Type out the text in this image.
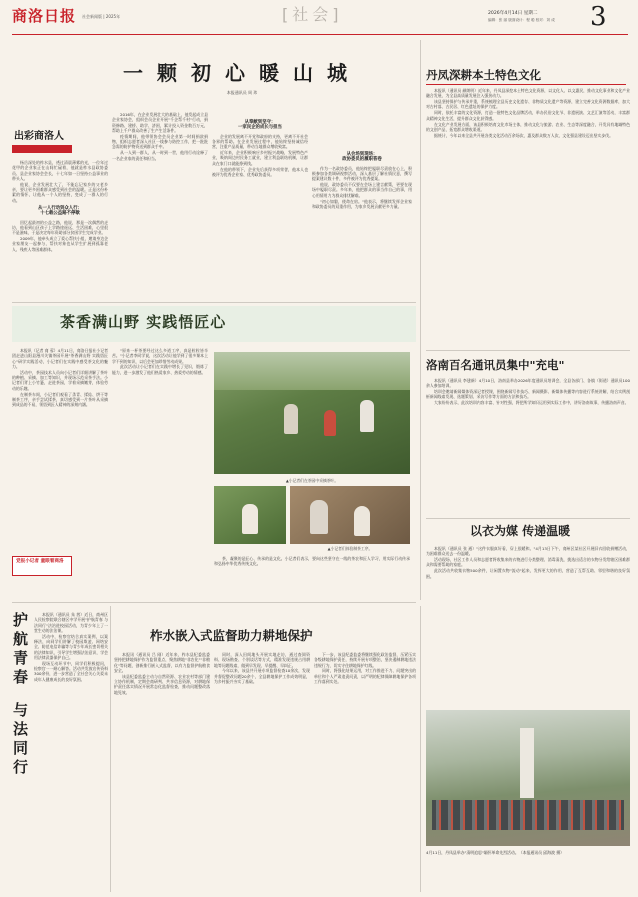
商洛日报 社会新闻版 | 2025年	[社会]	2026年4月14日 星期二
编辑：张 丽 版面设计：程 聪 校对：刘 成 3
一颗初心暖山城
本报通讯员 周 玮
出彩商洛人

杨岳深处的柞水县，透过清晨薄雾的光，一位年过花甲的企业家正在山间忙碌着，他就是柞水县政协委员、县企业家协会会长，十七年如一日坚持公益事业的带头人。

他说，企业发展壮大了，不能忘记家乡的父老乡亲，要让更多困难群众感受到社会的温暖。正是这份朴素的情怀，让他从一个人的坚持，变成了一群人的行动。

从一人行动到众人行：
十七载公益路不停歇

回忆起最初的公益之路，他说，那是一次偶然的走访，他看到山区孩子上学路途遥远、生活困难，心里很不是滋味，于是决定每年资助部分贫困学生完成学业。

2009年，他牵头成立了爱心帮扶小组，邀请身边企业家朋友一起参与，帮扶对象也从学生扩展到孤寡老人、残疾人等困难群体。

2016年，在企业发展壮大的基础上，他发起成立县企业家协会，组织会员企业开展"千企帮千村"行动，捐资修路、建桥、助学、济困，累计投入资金数百万元，帮助上千户群众改善了生产生活条件。

疫情期间，他带领协会会员企业第一时间捐款捐物，组织志愿者深入社区一线参与防控工作，把一批批急需的防护物资送到群众手中。

从一人到一群人，从一时到一世，他用行动诠释了一名企业家的责任和担当。

从奉献到坚守：
一家民企的成长与担当

企业的发展离不开党和政府的支持，更离不开社会各界的帮助。在企业发展过程中，他始终坚持诚信经营，注重产品质量，带动当地群众增收致富。

近年来，企业积极响应乡村振兴战略，发展特色产业，吸纳周边村民务工就业，建立利益联结机制，让群众在家门口就能挣到钱。

在他的带领下，企业先后获得多项荣誉，他本人也被评为优秀企业家、优秀政协委员。

从会场到现场：
政协委员的履职答卷

作为一名政协委员，他始终把履职尽责放在心上，积极参加各类调研视察活动，深入基层了解社情民意，撰写提案建议数十件，多件被评为优秀提案。

他说，政协委员不仅要在会场上建言献策，更要在现场中履职尽责。多年来，他把群众的事当作自己的事，用心用情用力为群众排忧解难。

"初心如磐，使命在肩。"他表示，将继续发挥企业家和政协委员的双重作用，为家乡发展贡献更多力量。

茶香满山野 实践悟匠心

本报讯（记者 商 蓉）4月11日，商洛日报社小记者团走进山阳县漫川关镇茶园开展"茶香满山野 实践悟匠心"研学实践活动，小记者们在实践中感受茶文化的魅力。

活动中，茶园技术人员向小记者们详细讲解了茶叶的种植、采摘、加工等知识，并现场示范采茶手法。小记者们背上小竹篓，走进茶园，学着采摘嫩芽，体验劳动的乐趣。

在制茶车间，小记者们观看了杀青、揉捻、烘干等制茶工序，亲手尝试揉茶，真切感受到一片茶叶从采摘到成品的不易，领悟到匠人精神的深刻内涵。

"原来一杯茶要经过这么多道工序，真是粒粒皆辛苦。"小记者李同学说，这次活动让他学到了很多课本上学不到的知识，以后会更加珍惜劳动成果。

此次活动让小记者们在实践中增长了见识，锻炼了能力，进一步激发了他们热爱家乡、热爱劳动的情感。

▲小记者们在茶园中采摘茶叶。
▲小记者们体验制茶工序。
党报小记者 童眼看商洛

茶，凝聚的是匠心、传承的是文化。小记者们表示，要向这些坚守在一线的茶农和匠人学习，用实际行动传承和弘扬中华优秀传统文化。

丹凤深耕本土特色文化

本报讯（通讯员 颜朗明）近年来，丹凤县深挖本土特色文化资源，以文化人、以文惠民，推动文化事业和文化产业融合发展，为全县高质量发展注入强劲动力。

该县坚持保护与传承并重，系统梳理全县历史文化遗存、非物质文化遗产等资源，建立完善文化资源数据库，加大对古村落、古民居、红色遗址的保护力度。

同时，依托丰富的文化资源，打造一批特色文化品牌活动，举办民俗文化节、非遗展演、文艺汇演等活动，丰富群众精神文化生活，提升群众文化获得感。

在文化产业发展方面，该县积极培育文化市场主体，推动文化与旅游、农业、生态等深度融合，开发具有地域特色的文创产品，拓宽群众增收渠道。

据统计，今年以来全县共开展各类文化活动百余场次，惠及群众数万人次，文化强县建设迈出坚实步伐。

洛南百名通讯员集中"充电"

本报讯（通讯员 李建新）4月10日，洛南县举办2026年度通讯员培训会，全县各部门、各镇（街道）通讯员100余人参加培训。

培训会邀请新闻媒体资深记者授课，围绕新闻写作技巧、新闻摄影、新媒体传播等内容进行系统讲解，结合实例剖析新闻线索发现、选题策划、采访写作等方面的方法和技巧。

大家纷纷表示，此次培训内容丰富、针对性强，将把所学知识运用到实际工作中，讲好洛南故事，传播洛南声音。

以衣为媒 传递温暖

本报讯（通讯员 张 通）"这件衣服真好看，穿上很暖和。"4月13日下午，商州区某社区开展旧衣回收捐赠活动，为困难群众送去一份温暖。

活动现场，社区工作人员和志愿者将收集来的衣物进行分类整理、消毒清洗，挑选出适合的衣物分发给辖区困难群众和需要帮助的家庭。

此次活动共收集衣物500余件，让闲置衣物"流动"起来，发挥更大的作用，营造了互帮互助、邻里和谐的良好氛围。

4月11日，丹凤县举办"清明追思"缅怀革命先烈活动。（本报通讯员 邱海波 摄）
护航青春
与法同行

本报讯（通讯员 朱 茜）近日，商州区人民检察院联合辖区中学开展"护航青春 与法同行"法治进校园活动，为青少年上了一堂生动的法治课。

活动中，检察官结合真实案例，以案释法，向同学们讲解了校园欺凌、网络安全、防范电信诈骗等与青少年成长密切相关的法律知识，引导学生增强法治意识，学会用法律武器保护自己。

现场互动环节中，同学们积极提问，检察官一一耐心解答。活动共发放宣传资料300余份，进一步营造了全社会关心关爱未成年人健康成长的良好氛围。

柞水嵌入式监督助力耕地保护

本报讯（通讯员 吕 刚）近年来，柞水县纪委监委坚持把耕地保护作为监督重点，聚焦耕地"非农化""非粮化"等问题，创新推行嵌入式监督，以有力监督护航粮食安全。

该县纪委监委主动与自然资源、农业农村等部门建立协作机制，定期会商研判、共享信息资源，对耕地保护责任落实情况开展常态化监督检查，推动问题整改落地见效。

同时，深入田间地头开展实地走访，通过查阅资料、现场勘查、个别谈话等方式，精准发现违规占用耕地等问题线索，做到早发现、早提醒、早纠正。

今年以来，该县共开展专项监督检查10余次，发现并督促整改问题20余个，全县耕地保护工作成效明显，为乡村振兴夯实了基础。

下一步，该县纪委监委将继续强化政治监督，压紧压实各级耕地保护责任，持续开展专项整治，坚决遏制耕地违法违规行为，切实守住耕地保护红线。

同时，将强化结果运用，对工作推进不力、问题突出的单位和个人严肃追责问责，以严明的纪律保障耕地保护各项工作落到实处。
